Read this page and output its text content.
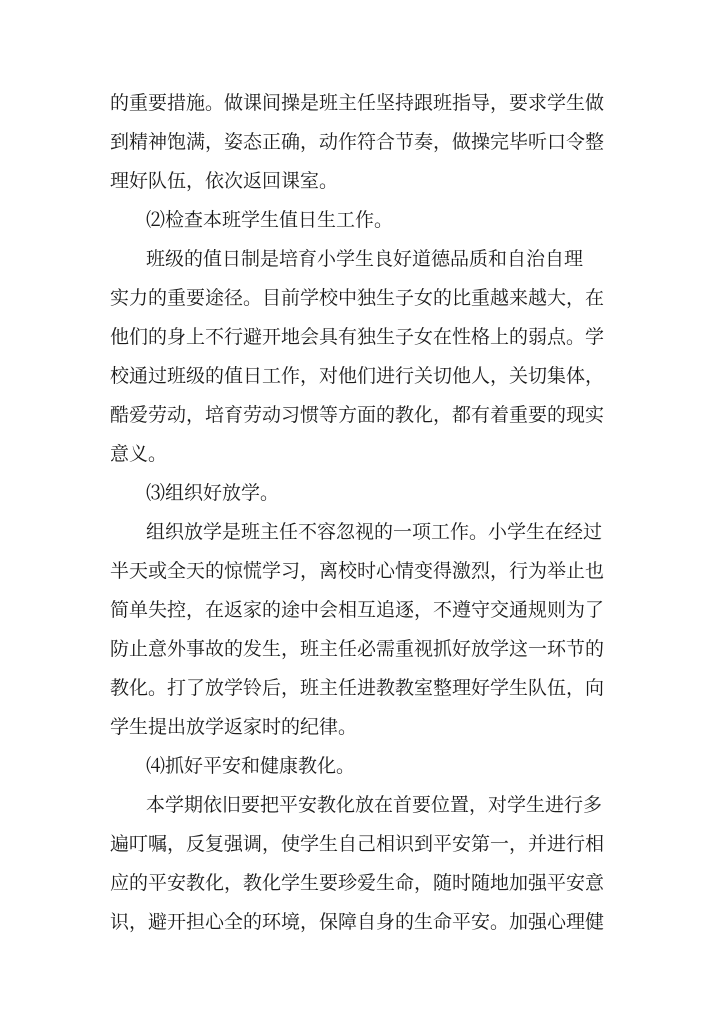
的重要措施。做课间操是班主任坚持跟班指导，要求学生做
到精神饱满，姿态正确，动作符合节奏，做操完毕听口令整
理好队伍，依次返回课室。
⑵检查本班学生值日生工作。
班级的值日制是培育小学生良好道德品质和自治自理
实力的重要途径。目前学校中独生子女的比重越来越大，在
他们的身上不行避开地会具有独生子女在性格上的弱点。学
校通过班级的值日工作，对他们进行关切他人，关切集体，
酷爱劳动，培育劳动习惯等方面的教化，都有着重要的现实
意义。
⑶组织好放学。
组织放学是班主任不容忽视的一项工作。小学生在经过
半天或全天的惊慌学习，离校时心情变得激烈，行为举止也
简单失控，在返家的途中会相互追逐，不遵守交通规则为了
防止意外事故的发生，班主任必需重视抓好放学这一环节的
教化。打了放学铃后，班主任进教教室整理好学生队伍，向
学生提出放学返家时的纪律。
⑷抓好平安和健康教化。
本学期依旧要把平安教化放在首要位置，对学生进行多
遍叮嘱，反复强调，使学生自己相识到平安第一，并进行相
应的平安教化，教化学生要珍爱生命，随时随地加强平安意
识，避开担心全的环境，保障自身的生命平安。加强心理健
